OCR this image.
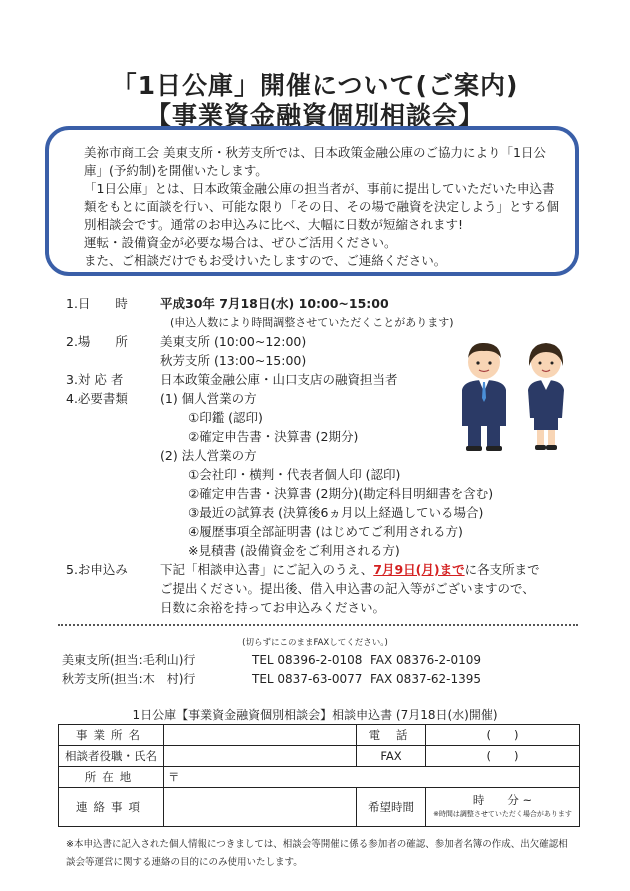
「1日公庫」開催について(ご案内)
【事業資金融資個別相談会】

美祢市商工会 美東支所・秋芳支所では、日本政策金融公庫のご協力により「1日公庫」(予約制)を開催いたします。

「1日公庫」とは、日本政策金融公庫の担当者が、事前に提出していただいた申込書類をもとに面談を行い、可能な限り「その日、その場で融資を決定しよう」とする個別相談会です。通常のお申込みに比べ、大幅に日数が短縮されます!

運転・設備資金が必要な場合は、ぜひご活用ください。

また、ご相談だけでもお受けいたしますので、ご連絡ください。

1.日　　時	平成30年 7月18日(水) 10:00~15:00
(申込人数により時間調整させていただくことがあります)
2.場　　所	美東支所 (10:00~12:00)
秋芳支所 (13:00~15:00)
3.対 応 者	日本政策金融公庫・山口支店の融資担当者
4.必要書類	(1) 個人営業の方
①印鑑 (認印)
②確定申告書・決算書 (2期分)
(2) 法人営業の方
①会社印・横判・代表者個人印 (認印)
②確定申告書・決算書 (2期分)(勘定科目明細書を含む)
③最近の試算表 (決算後6ヵ月以上経過している場合)
④履歴事項全部証明書 (はじめてご利用される方)
※見積書 (設備資金をご利用される方)
5.お申込み	下記「相談申込書」にご記入のうえ、7月9日(月)までに各支所まで
ご提出ください。提出後、借入申込書の記入等がございますので、
日数に余裕を持ってお申込みください。
(切らずにこのままFAXしてください。)
美東支所(担当:毛利山)行	TEL 08396-2-0108 FAX 08376-2-0109
秋芳支所(担当:木　村)行	TEL 0837-63-0077 FAX 0837-62-1395
1日公庫【事業資金融資個別相談会】相談申込書 (7月18日(水)開催)
事業所名		電 話	(　　)
相談者役職・氏名		FAX	(　　)
所在地	〒		
連絡事項		希望時間	時　　分 ~
※時間は調整させていただく場合があります
※本申込書に記入された個人情報につきましては、相談会等開催に係る参加者の確認、参加者名簿の作成、出欠確認相談会等運営に関する連絡の目的にのみ使用いたします。
